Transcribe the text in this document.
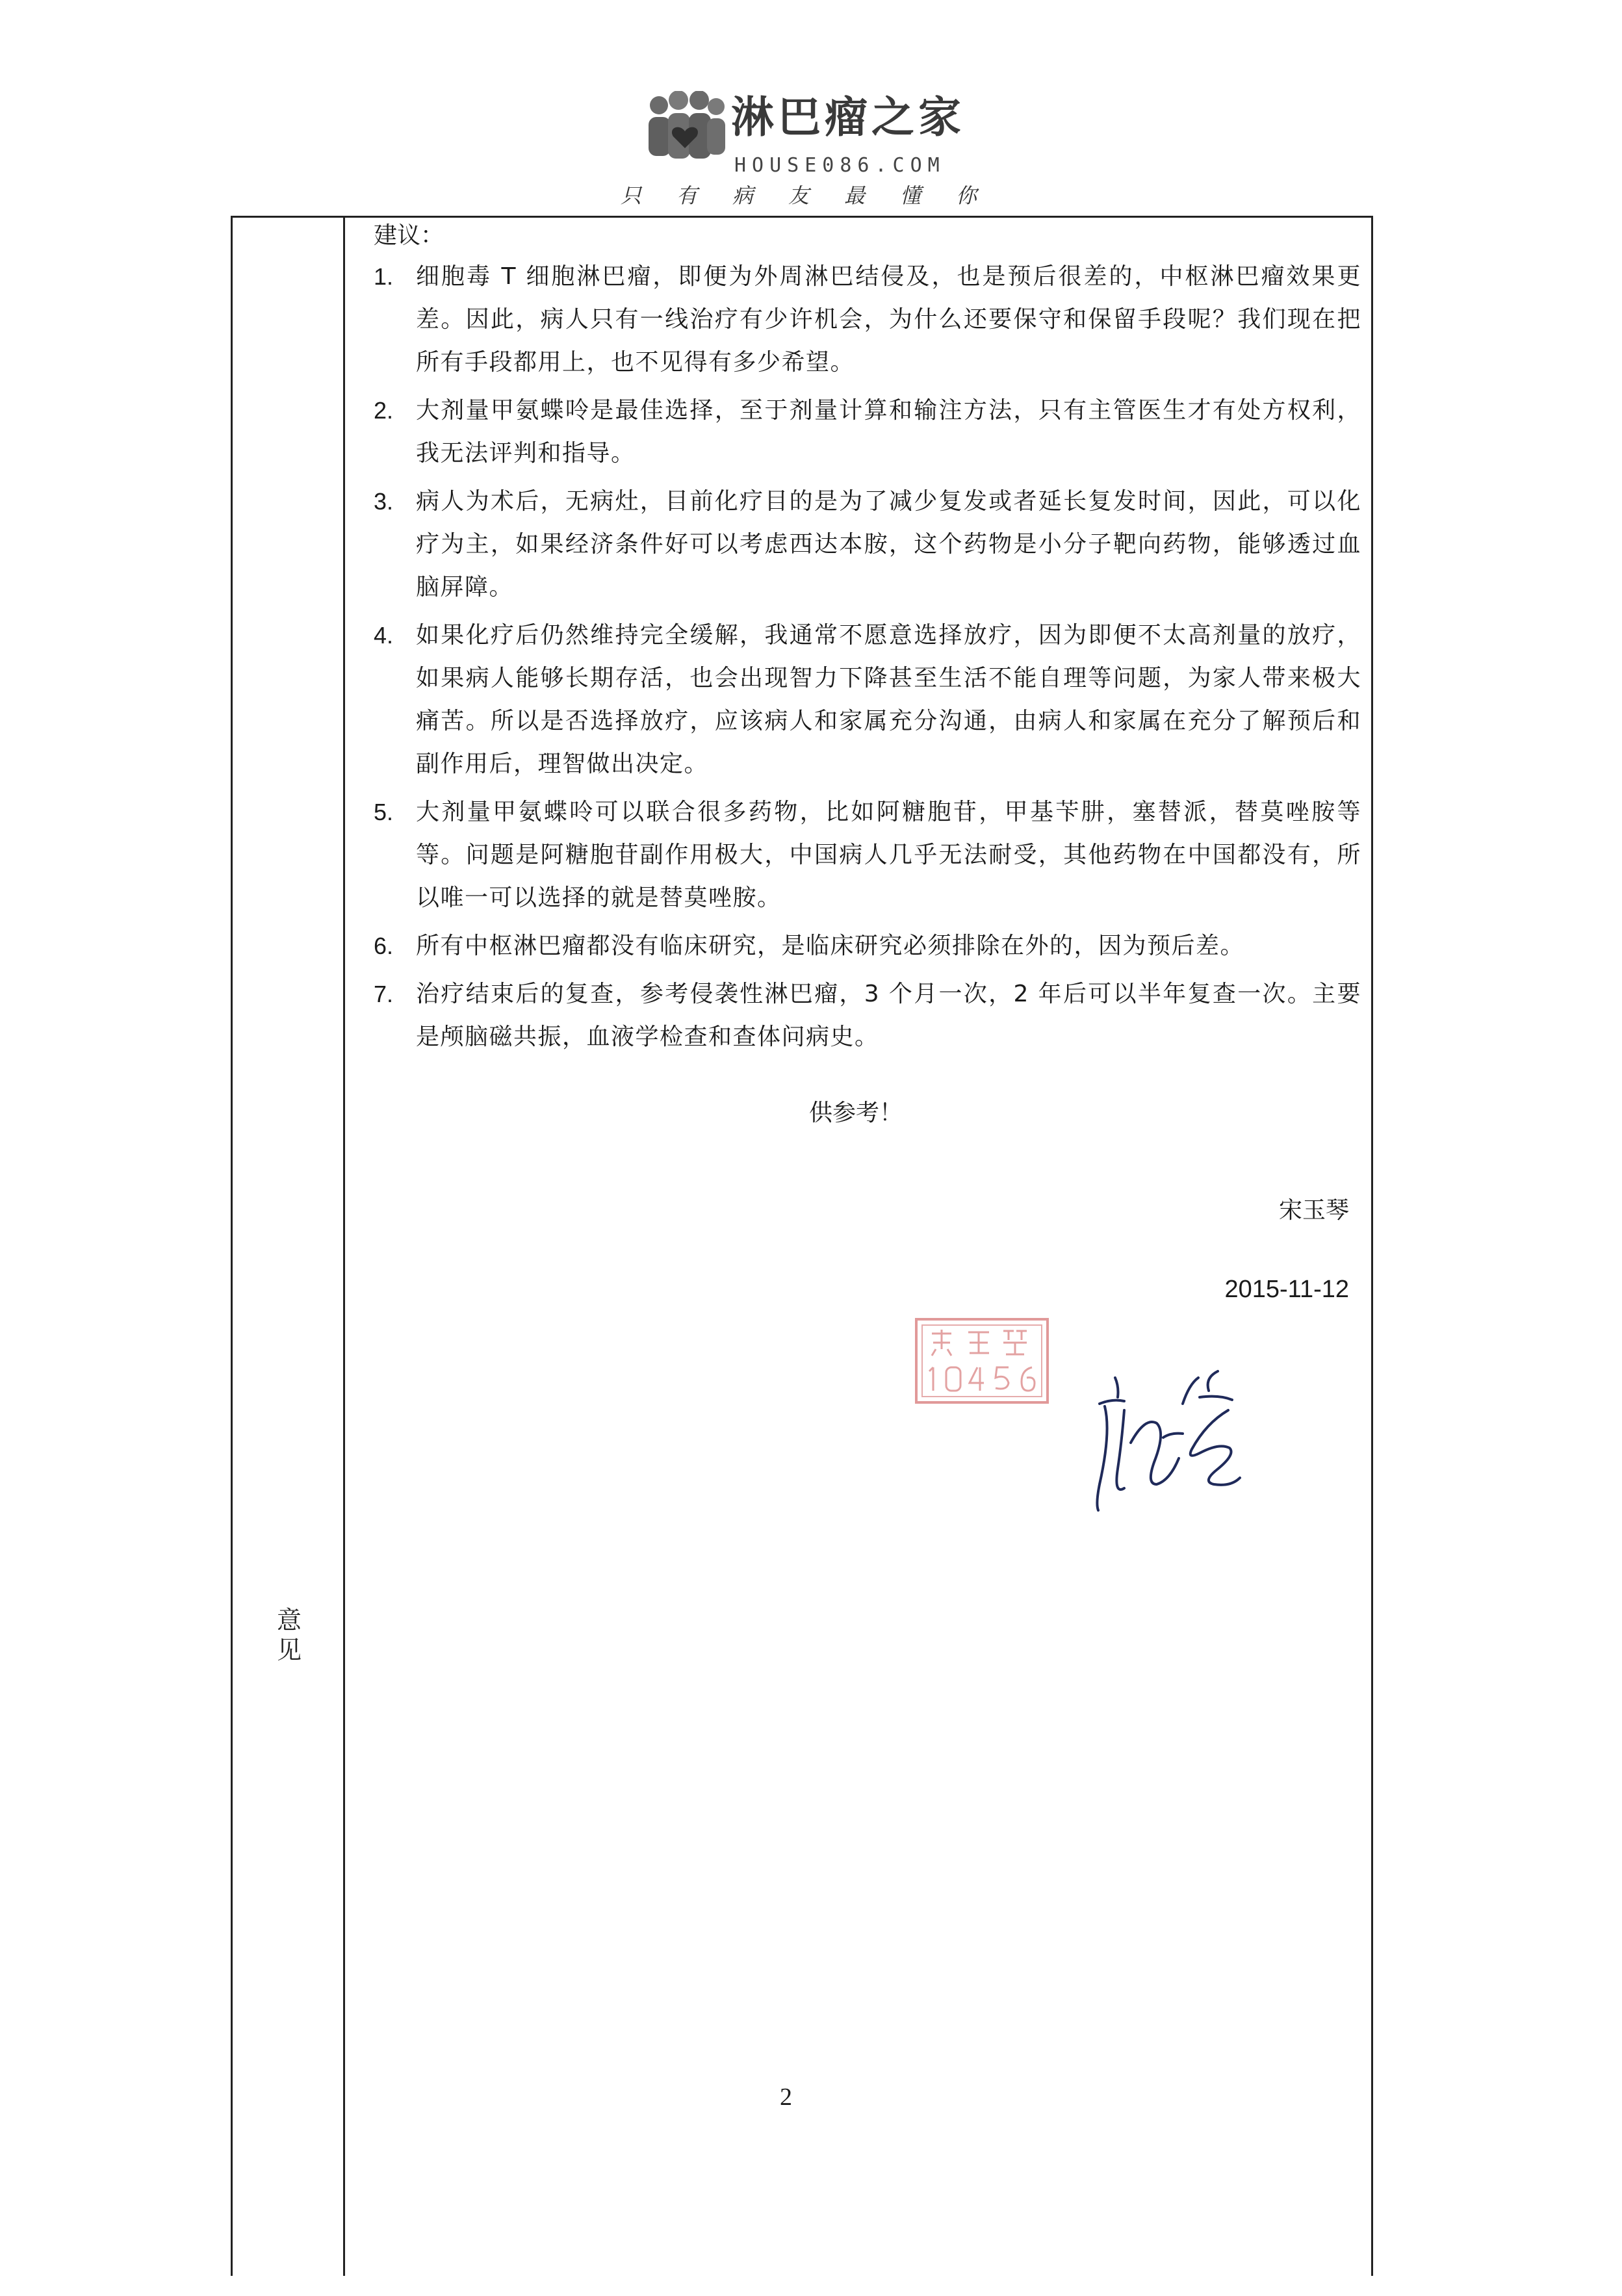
淋巴瘤之家
HOUSE086.COM
只有病友最懂你
意见
建议：
1. 细胞毒 T 细胞淋巴瘤，即便为外周淋巴结侵及，也是预后很差的，中枢淋巴瘤效果更差。因此，病人只有一线治疗有少许机会，为什么还要保守和保留手段呢？我们现在把所有手段都用上，也不见得有多少希望。
2. 大剂量甲氨蝶呤是最佳选择，至于剂量计算和输注方法，只有主管医生才有处方权利，我无法评判和指导。
3. 病人为术后，无病灶，目前化疗目的是为了减少复发或者延长复发时间，因此，可以化疗为主，如果经济条件好可以考虑西达本胺，这个药物是小分子靶向药物，能够透过血脑屏障。
4. 如果化疗后仍然维持完全缓解，我通常不愿意选择放疗，因为即便不太高剂量的放疗，如果病人能够长期存活，也会出现智力下降甚至生活不能自理等问题，为家人带来极大痛苦。所以是否选择放疗，应该病人和家属充分沟通，由病人和家属在充分了解预后和副作用后，理智做出决定。
5. 大剂量甲氨蝶呤可以联合很多药物，比如阿糖胞苷，甲基苄肼，塞替派，替莫唑胺等等。问题是阿糖胞苷副作用极大，中国病人几乎无法耐受，其他药物在中国都没有，所以唯一可以选择的就是替莫唑胺。
6. 所有中枢淋巴瘤都没有临床研究，是临床研究必须排除在外的，因为预后差。
7. 治疗结束后的复查，参考侵袭性淋巴瘤，3 个月一次，2 年后可以半年复查一次。主要是颅脑磁共振，血液学检查和查体问病史。
供参考！
宋玉琴
2015-11-12
2
